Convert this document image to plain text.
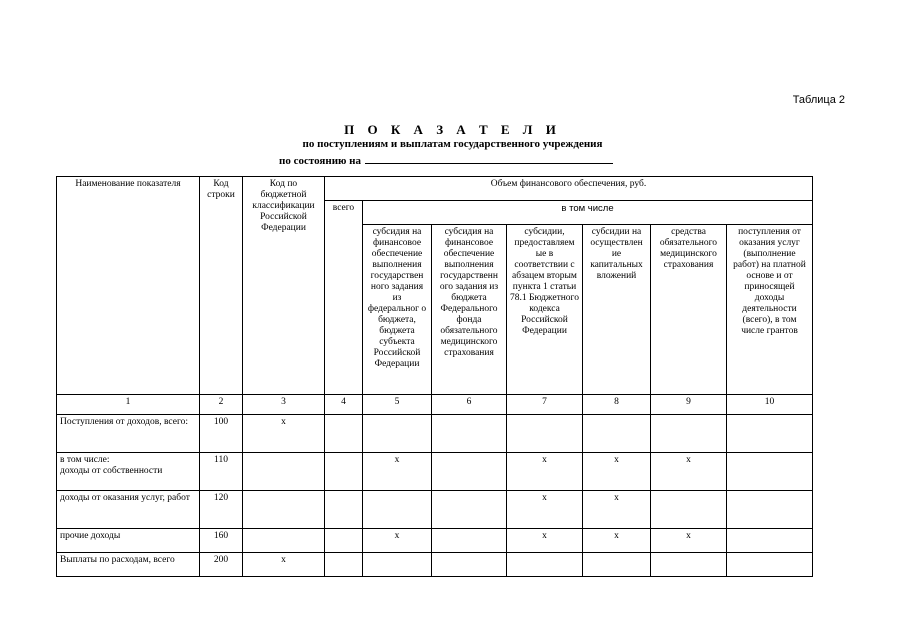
Таблица 2
П О К А З А Т Е Л И
по поступлениям и выплатам государственного учреждения
по состоянию на
Наименование показателя	Код строки	Код по бюджетной классификации Российской Федерации	Объем финансового обеспечения, руб.						
			всего	в том числе					
				субсидия на финансовое обеспечение выполнения государствен ного задания из федеральног о бюджета, бюджета субъекта Российской Федерации	субсидия на финансовое обеспечение выполнения государственн ого задания из бюджета Федерального фонда обязательного медицинского страхования	субсидии, предоставляем ые в соответствии с абзацем вторым пункта 1 статьи 78.1 Бюджетного кодекса Российской Федерации	субсидии на осуществлен ие капитальных вложений	средства обязательного медицинского страхования	поступления от оказания услуг (выполнение работ) на платной основе и от приносящей доходы деятельности (всего), в том числе грантов
1	2	3	4	5	6	7	8	9	10
Поступления от доходов, всего:	100	x							
в том числе:
доходы от собственности	110			x		x	x	x	
доходы от оказания услуг, работ	120					x	x		
прочие доходы	160			x		x	x	x	
Выплаты по расходам, всего	200	x							
